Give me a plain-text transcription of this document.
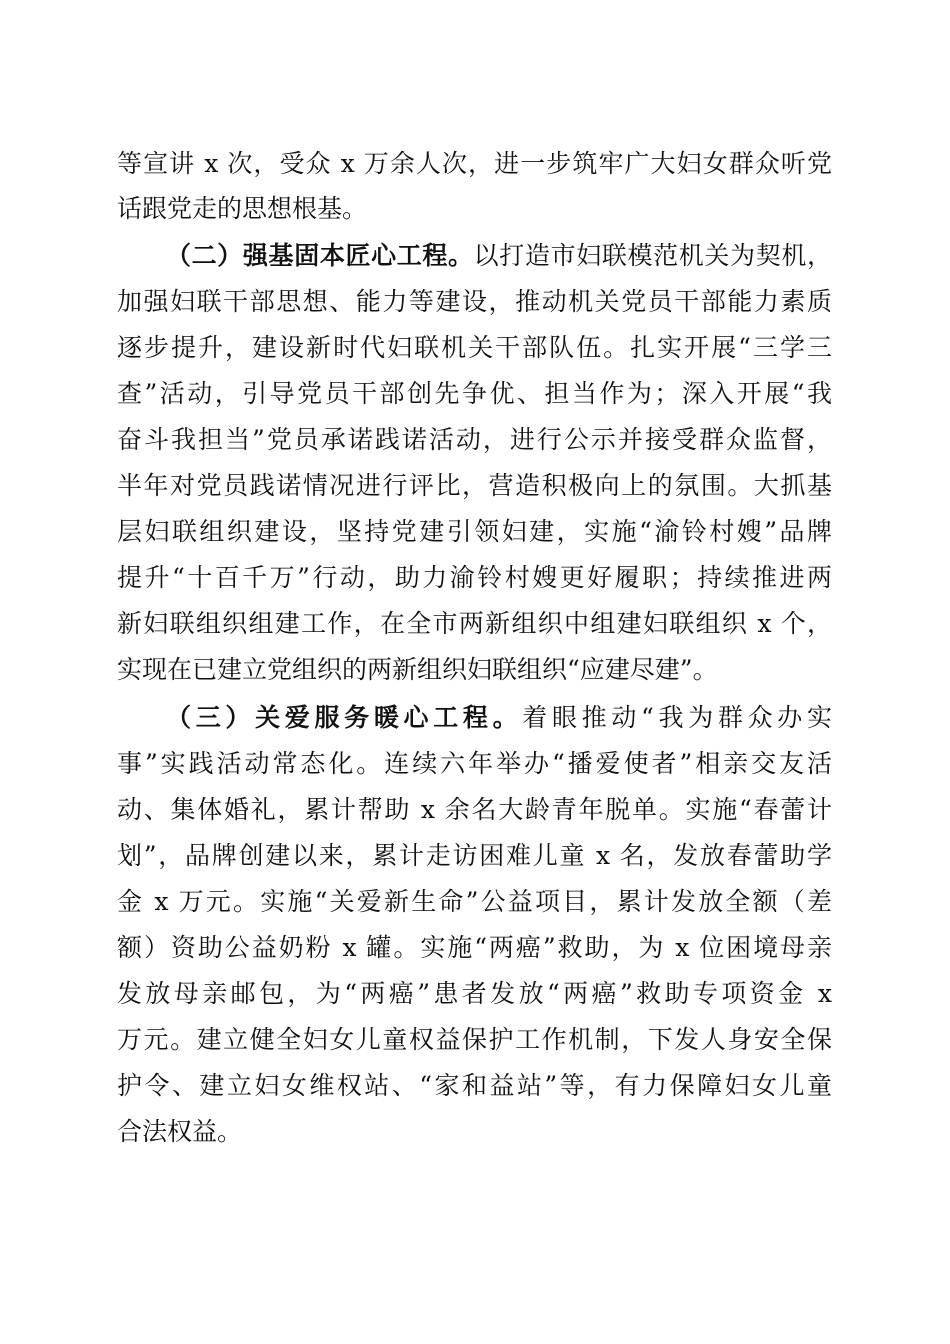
等宣讲 x 次，受众 x 万余人次，进一步筑牢广大妇女群众听党
话跟党走的思想根基。
（二）强基固本匠心工程。以打造市妇联模范机关为契机，
加强妇联干部思想、能力等建设，推动机关党员干部能力素质
逐步提升，建设新时代妇联机关干部队伍。扎实开展“三学三
查”活动，引导党员干部创先争优、担当作为；深入开展“我
奋斗我担当”党员承诺践诺活动，进行公示并接受群众监督，
半年对党员践诺情况进行评比，营造积极向上的氛围。大抓基
层妇联组织建设，坚持党建引领妇建，实施“渝铃村嫂”品牌
提升“十百千万”行动，助力渝铃村嫂更好履职；持续推进两
新妇联组织组建工作，在全市两新组织中组建妇联组织 x 个，
实现在已建立党组织的两新组织妇联组织“应建尽建”。
（三）关爱服务暖心工程。着眼推动“我为群众办实
事”实践活动常态化。连续六年举办“播爱使者”相亲交友活
动、集体婚礼，累计帮助 x 余名大龄青年脱单。实施“春蕾计
划”，品牌创建以来，累计走访困难儿童 x 名，发放春蕾助学
金 x 万元。实施“关爱新生命”公益项目，累计发放全额（差
额）资助公益奶粉 x 罐。实施“两癌”救助，为 x 位困境母亲
发放母亲邮包，为“两癌”患者发放“两癌”救助专项资金 x
万元。建立健全妇女儿童权益保护工作机制，下发人身安全保
护令、建立妇女维权站、“家和益站”等，有力保障妇女儿童
合法权益。
